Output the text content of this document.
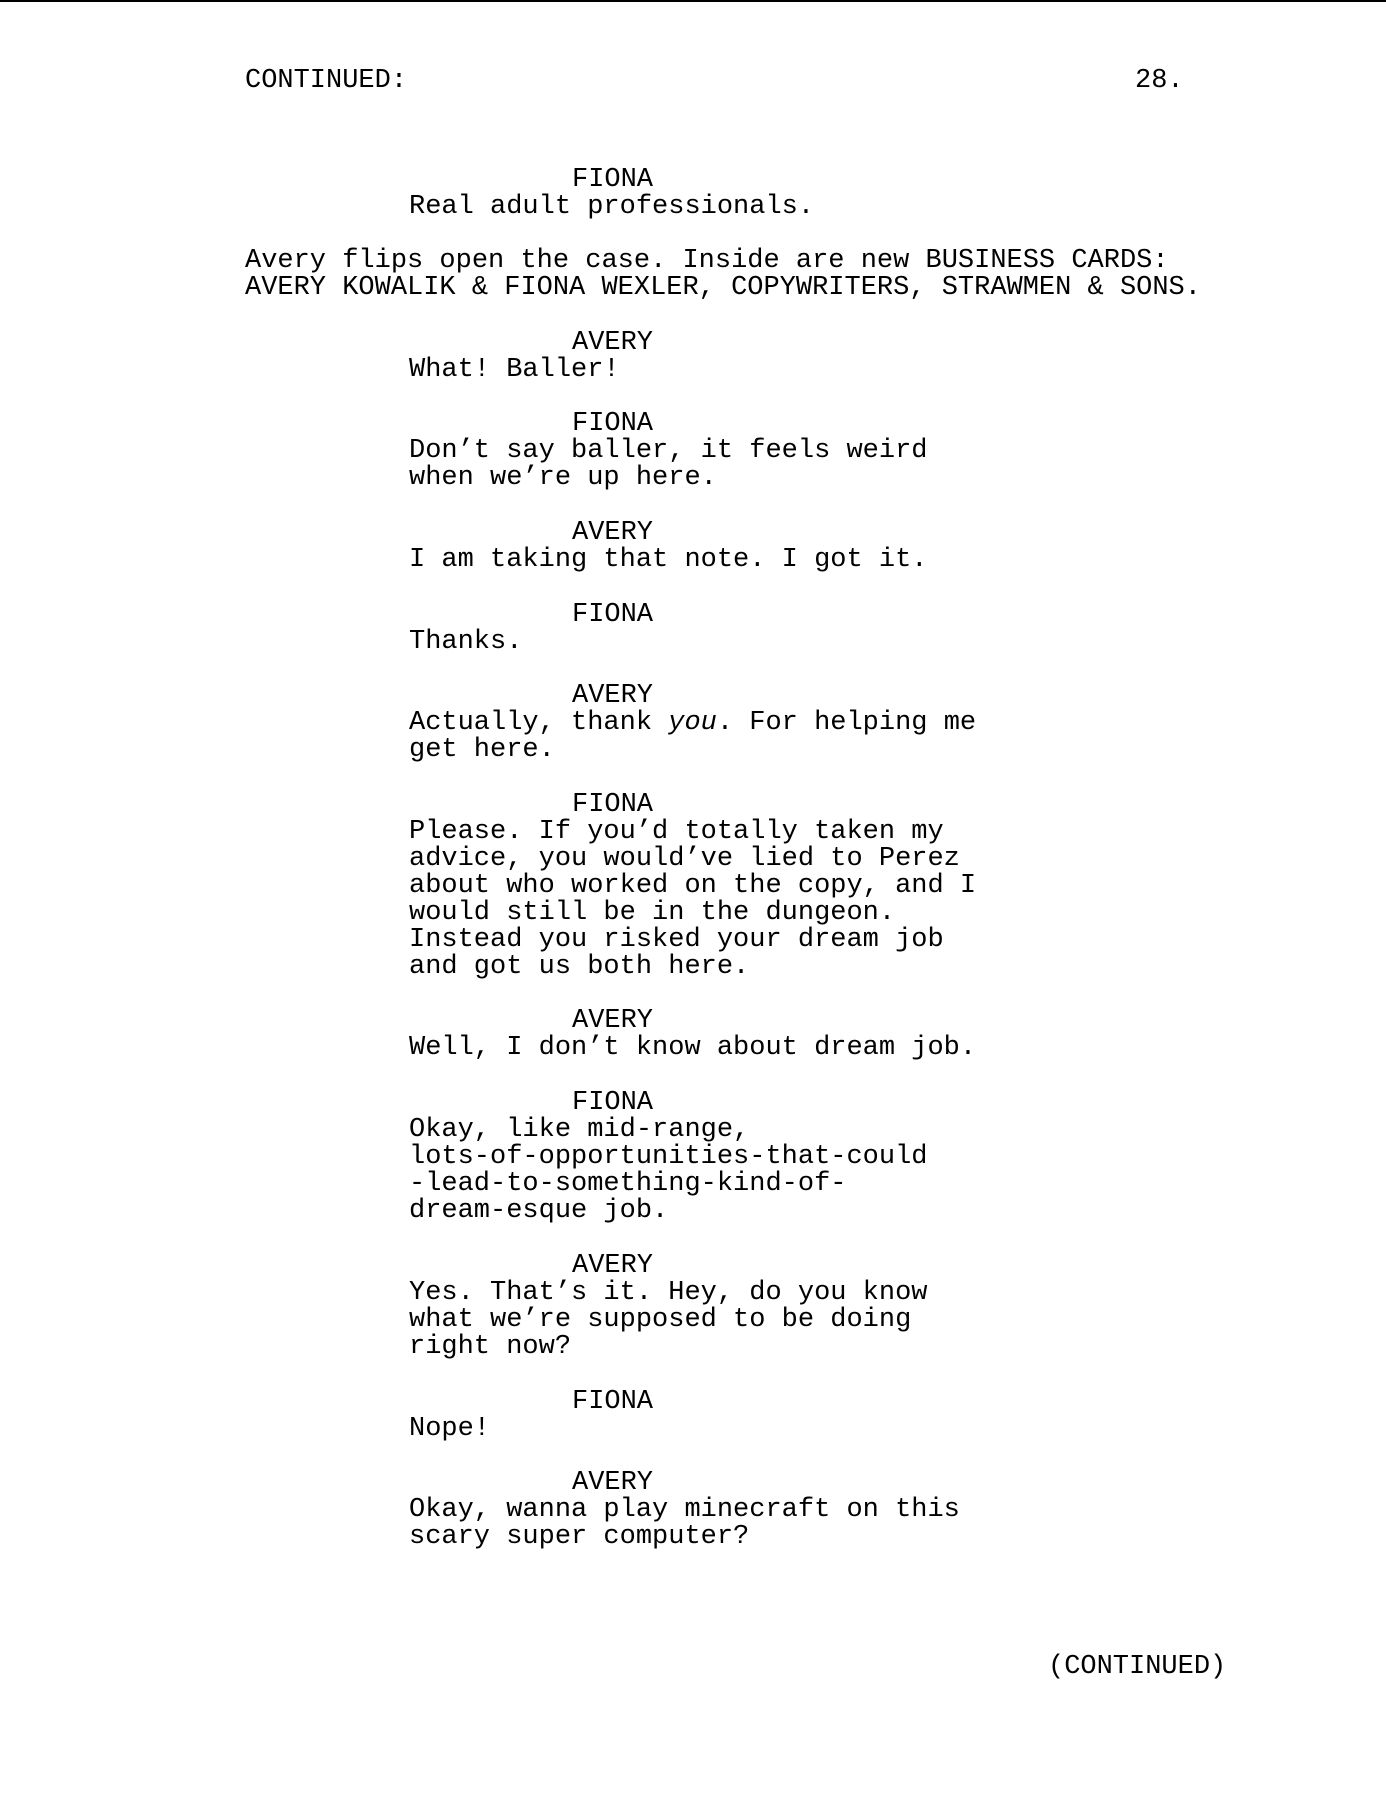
CONTINUED:	28.
FIONA
Real adult professionals.
Avery flips open the case. Inside are new BUSINESS CARDS:
AVERY KOWALIK & FIONA WEXLER, COPYWRITERS, STRAWMEN & SONS.
AVERY
What! Baller!
FIONA
Don’t say baller, it feels weird
when we’re up here.
AVERY
I am taking that note. I got it.
FIONA
Thanks.
AVERY
Actually, thank you. For helping me
get here.
FIONA
Please. If you’d totally taken my
advice, you would’ve lied to Perez
about who worked on the copy, and I
would still be in the dungeon.
Instead you risked your dream job
and got us both here.
AVERY
Well, I don’t know about dream job.
FIONA
Okay, like mid-range,
lots-of-opportunities-that-could
-lead-to-something-kind-of-
dream-esque job.
AVERY
Yes. That’s it. Hey, do you know
what we’re supposed to be doing
right now?
FIONA
Nope!
AVERY
Okay, wanna play minecraft on this
scary super computer?
(CONTINUED)
